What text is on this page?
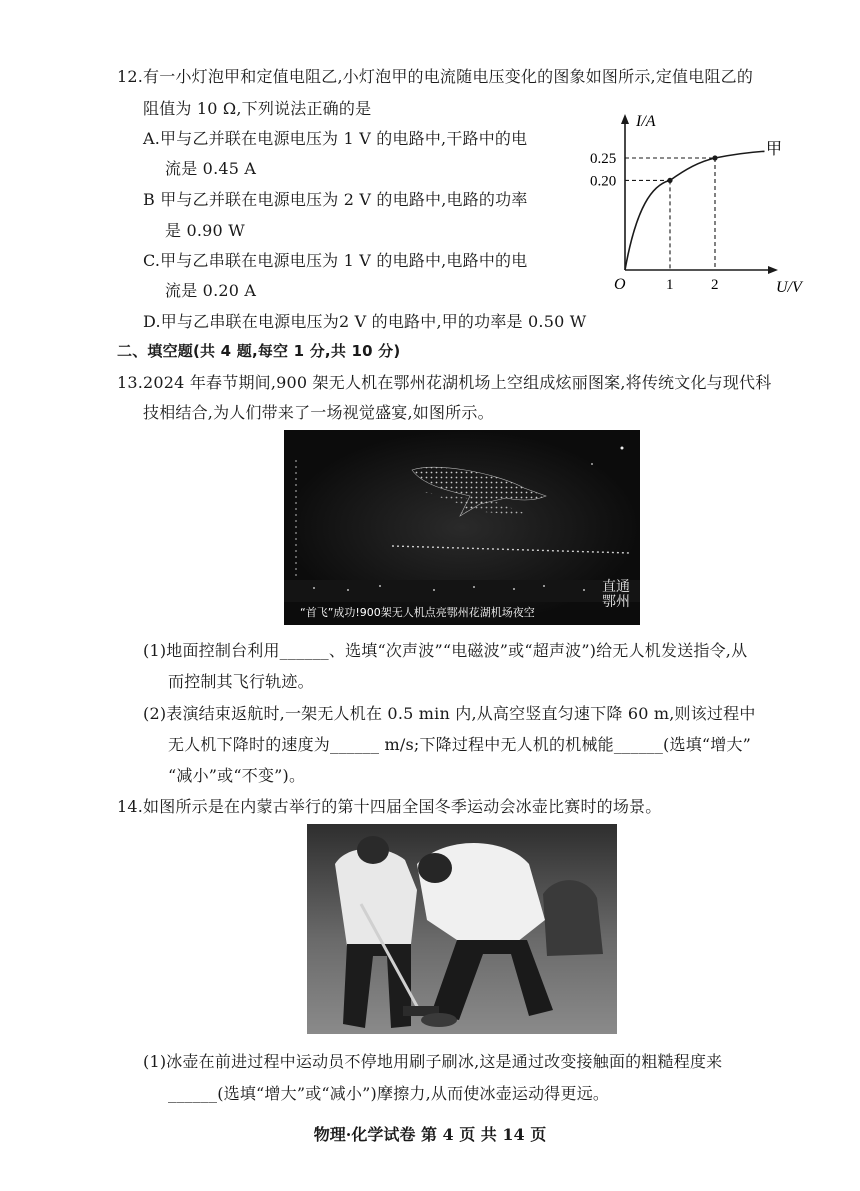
12.有一小灯泡甲和定值电阻乙,小灯泡甲的电流随电压变化的图象如图所示,定值电阻乙的
阻值为 10 Ω,下列说法正确的是
A.甲与乙并联在电源电压为 1 V 的电路中,干路中的电
流是 0.45 A
B 甲与乙并联在电源电压为 2 V 的电路中,电路的功率
是 0.90 W
C.甲与乙串联在电源电压为 1 V 的电路中,电路中的电
流是 0.20 A
D.甲与乙串联在电源电压为2 V 的电路中,甲的功率是 0.50 W
I/A
U/V
O
甲
1	2
0.20
0.25
二、填空题(共 4 题,每空 1 分,共 10 分)
13.2024 年春节期间,900 架无人机在鄂州花湖机场上空组成炫丽图案,将传统文化与现代科
技相结合,为人们带来了一场视觉盛宴,如图所示。
“首飞”成功!900架无人机点亮鄂州花湖机场夜空
直通鄂州
(1)地面控制台利用______、选填“次声波”“电磁波”或“超声波”)给无人机发送指令,从
而控制其飞行轨迹。
(2)表演结束返航时,一架无人机在 0.5 min 内,从高空竖直匀速下降 60 m,则该过程中
无人机下降时的速度为______ m/s;下降过程中无人机的机械能______(选填“增大”
“减小”或“不变”)。
14.如图所示是在内蒙古举行的第十四届全国冬季运动会冰壶比赛时的场景。
(1)冰壶在前进过程中运动员不停地用刷子刷冰,这是通过改变接触面的粗糙程度来
______(选填“增大”或“减小”)摩擦力,从而使冰壶运动得更远。
物理·化学试卷 第 4 页 共 14 页
